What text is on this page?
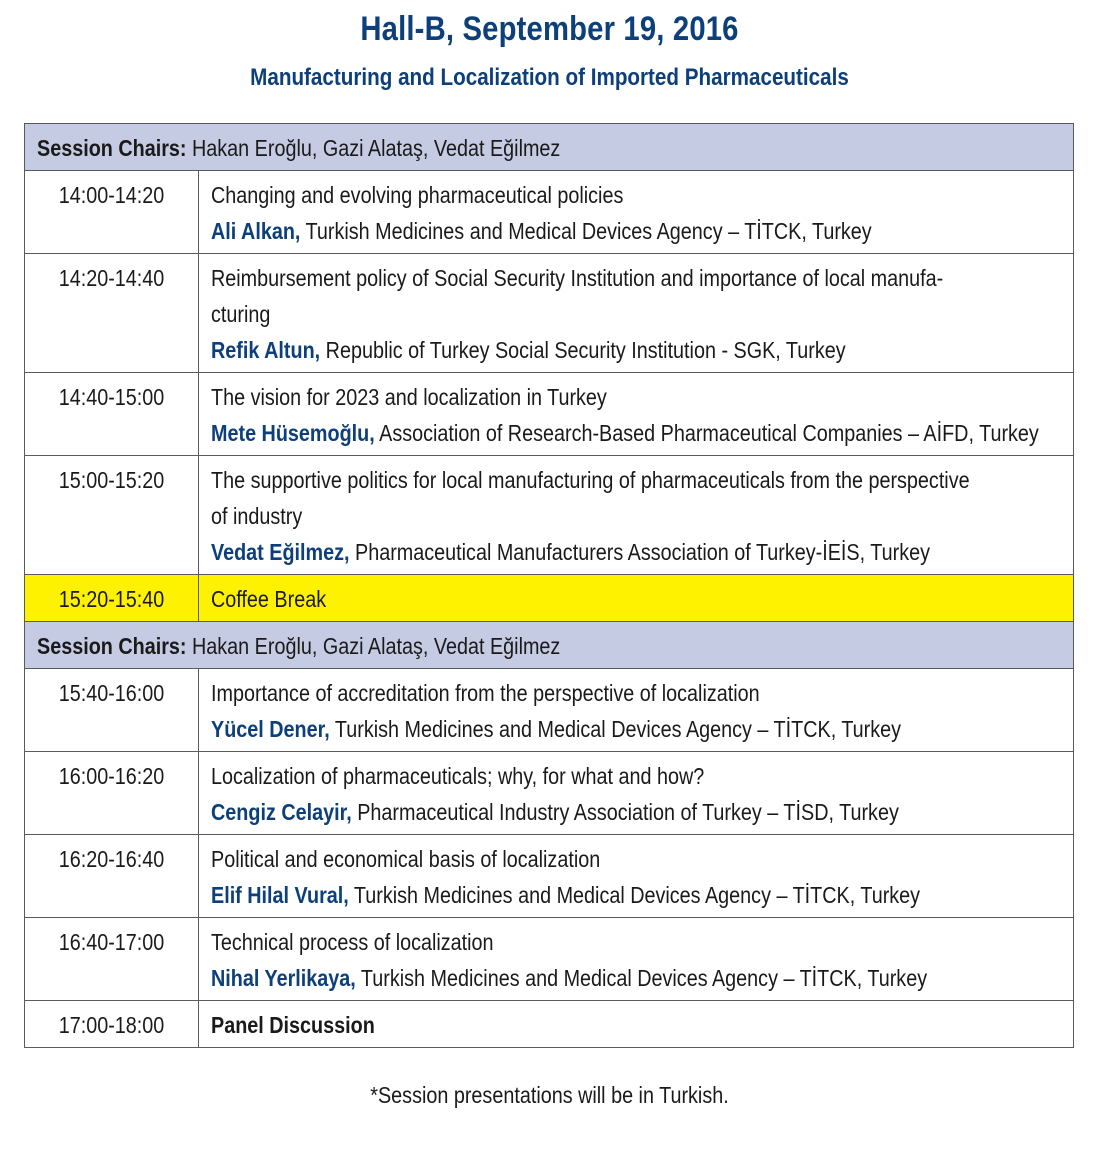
Hall-B, September 19, 2016
Manufacturing and Localization of Imported Pharmaceuticals
Session Chairs: Hakan Eroğlu, Gazi Alataş, Vedat Eğilmez	

14:00-14:20	Changing and evolving pharmaceutical policies
Ali Alkan, Turkish Medicines and Medical Devices Agency – TİTCK, Turkey

14:20-14:40	Reimbursement policy of Social Security Institution and importance of local manufa-
cturing
Refik Altun, Republic of Turkey Social Security Institution - SGK, Turkey

14:40-15:00	The vision for 2023 and localization in Turkey
Mete Hüsemoğlu, Association of Research-Based Pharmaceutical Companies – AİFD, Turkey

15:00-15:20	The supportive politics for local manufacturing of pharmaceuticals from the perspective
of industry
Vedat Eğilmez, Pharmaceutical Manufacturers Association of Turkey-İEİS, Turkey

15:20-15:40	Coffee Break

Session Chairs: Hakan Eroğlu, Gazi Alataş, Vedat Eğilmez	

15:40-16:00	Importance of accreditation from the perspective of localization
Yücel Dener, Turkish Medicines and Medical Devices Agency – TİTCK, Turkey

16:00-16:20	Localization of pharmaceuticals; why, for what and how?
Cengiz Celayir, Pharmaceutical Industry Association of Turkey – TİSD, Turkey

16:20-16:40	Political and economical basis of localization
Elif Hilal Vural, Turkish Medicines and Medical Devices Agency – TİTCK, Turkey

16:40-17:00	Technical process of localization
Nihal Yerlikaya, Turkish Medicines and Medical Devices Agency – TİTCK, Turkey

17:00-18:00	Panel Discussion
*Session presentations will be in Turkish.
